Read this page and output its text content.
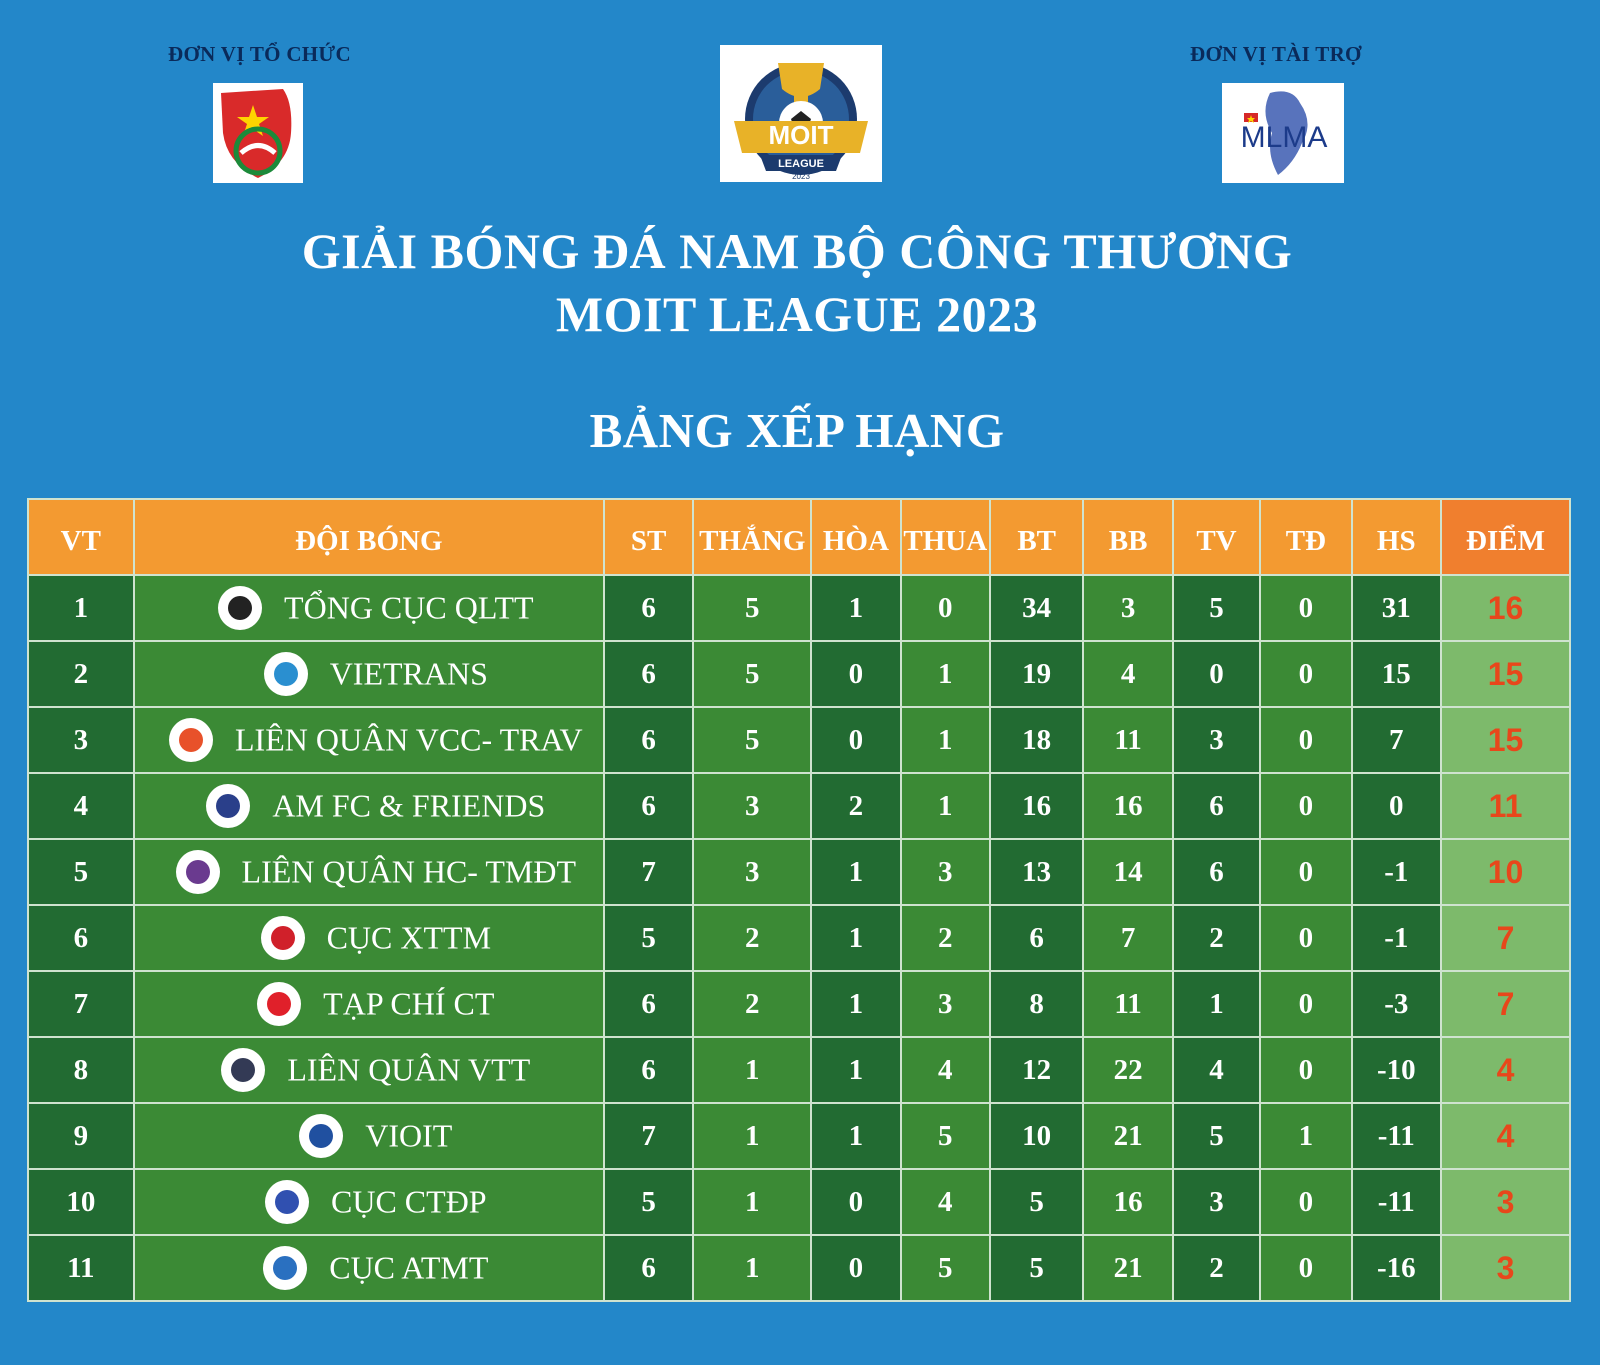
ĐƠN VỊ TỔ CHỨC	ĐƠN VỊ TÀI TRỢ
MOIT
LEAGUE
2023
MLMA
GIẢI BÓNG ĐÁ NAM BỘ CÔNG THƯƠNG
MOIT LEAGUE 2023
BẢNG XẾP HẠNG
VT	ĐỘI BÓNG	ST	THẮNG	HÒA	THUA	BT	BB	TV	TĐ	HS	ĐIỂM
1	TỔNG CỤC QLTT	6	5	1	0	34	3	5	0	31	16
2	VIETRANS	6	5	0	1	19	4	0	0	15	15
3	LIÊN QUÂN VCC- TRAV	6	5	0	1	18	11	3	0	7	15
4	AM FC & FRIENDS	6	3	2	1	16	16	6	0	0	11
5	LIÊN QUÂN HC- TMĐT	7	3	1	3	13	14	6	0	-1	10
6	CỤC XTTM	5	2	1	2	6	7	2	0	-1	7
7	TẠP CHÍ CT	6	2	1	3	8	11	1	0	-3	7
8	LIÊN QUÂN VTT	6	1	1	4	12	22	4	0	-10	4
9	VIOIT	7	1	1	5	10	21	5	1	-11	4
10	CỤC CTĐP	5	1	0	4	5	16	3	0	-11	3
11	CỤC ATMT	6	1	0	5	5	21	2	0	-16	3
